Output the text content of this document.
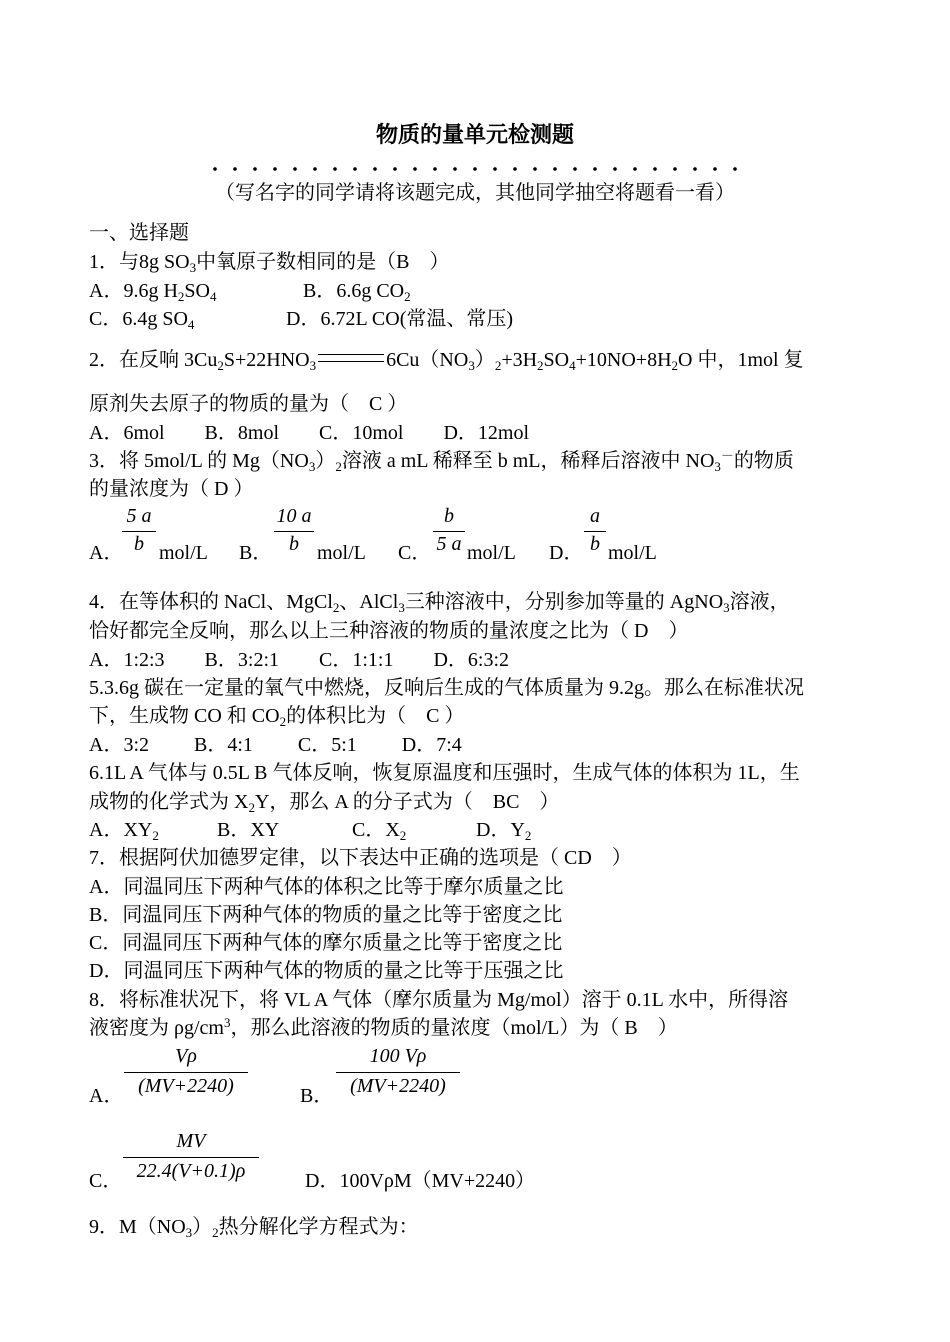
物质的量单元检测题
（写名字的同学请将该题完成，其他同学抽空将题看一看）
一、选择题
1．与8g $SO_3$中氧原子数相同的是（B　）
A．9.6g $H_2SO_4$	B．6.6g $CO_2$
C．6.4g $SO_4$	D．6.72L CO(常温、常压)
2．在反响 $3Cu_2S+22HNO_3$	$6Cu(NO_3)_2+3H_2SO_4+10NO+8H_2O$ 中，1mol 复
原剂失去原子的物质的量为（　C ）
A．6mol　　B．8mol　　C．10mol　　D．12mol
3．将 5mol/L 的 $Mg(NO_3)_2$溶液 a mL 稀释至 b mL，稀释后溶液中 $NO_3^-$的物质
的量浓度为（ D ）
A．
5 a
b mol/L B．
10 a
b mol/L C．
b
5 a mol/L D．
a
b mol/L
4．在等体积的 NaCl、MgCl$_2$、AlCl$_3$三种溶液中，分别参加等量的 AgNO$_3$溶液，
恰好都完全反响，那么以上三种溶液的物质的量浓度之比为（ D　）
A．1:2:3　　B．3:2:1　　C．1:1:1　　D．6:3:2
5.3.6g 碳在一定量的氧气中燃烧，反响后生成的气体质量为 9.2g。那么在标准状况
下，生成物 CO 和 $CO_2$的体积比为（　C ）
A．3:2　　 B．4:1　　 C．5:1　　 D．7:4
6.1L A 气体与 0.5L B 气体反响，恢复原温度和压强时，生成气体的体积为 1L，生
成物的化学式为 $X_2Y$，那么 A 的分子式为（　BC　）
A．$XY_2$	B．XY	C．$X_2$	D．$Y_2$
7．根据阿伏加德罗定律，以下表达中正确的选项是（ CD　）
A．同温同压下两种气体的体积之比等于摩尔质量之比
B．同温同压下两种气体的物质的量之比等于密度之比
C．同温同压下两种气体的摩尔质量之比等于密度之比
D．同温同压下两种气体的物质的量之比等于压强之比
8．将标准状况下，将 VL A 气体（摩尔质量为 Mg/mol）溶于 0.1L 水中，所得溶
液密度为 $\rho g/cm^3$，那么此溶液的物质的量浓度（mol/L）为（ B　）
A．
Vρ
(MV+2240)	B．
100 Vρ
(MV+2240)
C．
MV
22.4(V+0.1)ρ	D．100VρM（MV+2240）
9．$M(NO_3)_2$热分解化学方程式为：
